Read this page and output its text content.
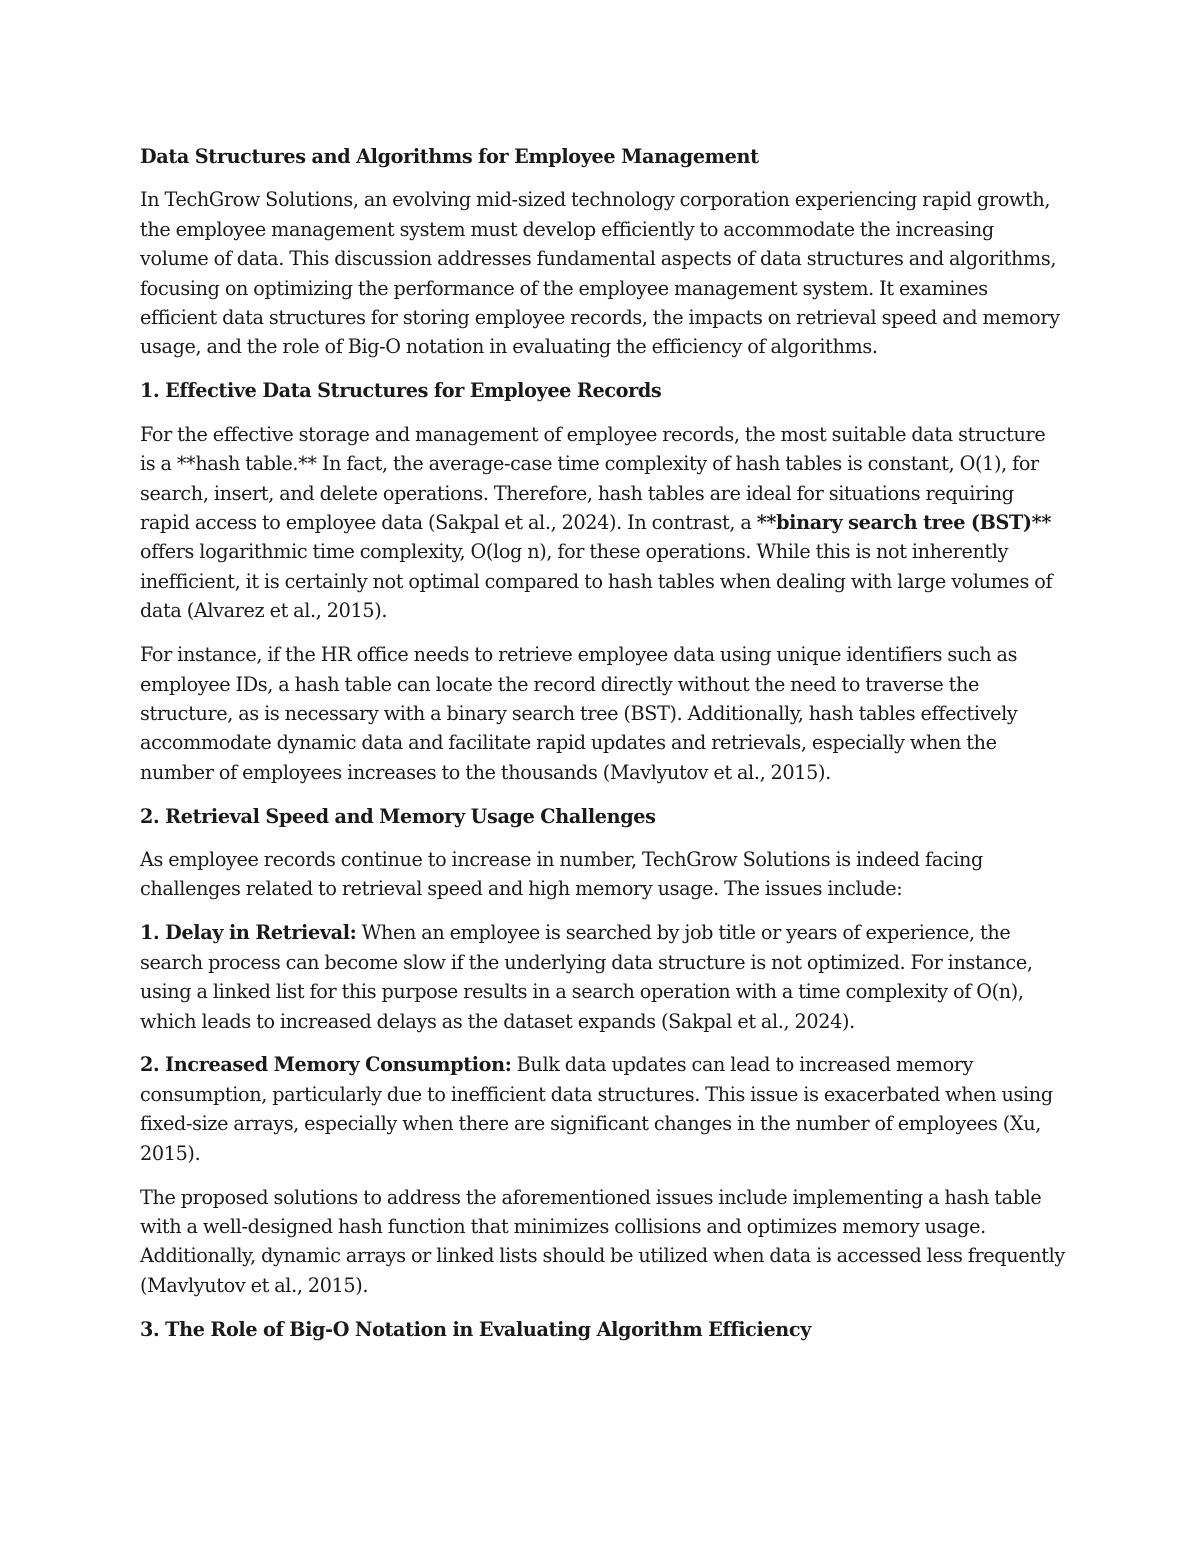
Data Structures and Algorithms for Employee Management

In TechGrow Solutions, an evolving mid-sized technology corporation experiencing rapid growth, the employee management system must develop efficiently to accommodate the increasing volume of data. This discussion addresses fundamental aspects of data structures and algorithms, focusing on optimizing the performance of the employee management system. It examines efficient data structures for storing employee records, the impacts on retrieval speed and memory usage, and the role of Big-O notation in evaluating the efficiency of algorithms.

1. Effective Data Structures for Employee Records

For the effective storage and management of employee records, the most suitable data structure is a **hash table.** In fact, the average-case time complexity of hash tables is constant, O(1), for search, insert, and delete operations. Therefore, hash tables are ideal for situations requiring rapid access to employee data (Sakpal et al., 2024). In contrast, a **binary search tree (BST)** offers logarithmic time complexity, O(log n), for these operations. While this is not inherently inefficient, it is certainly not optimal compared to hash tables when dealing with large volumes of data (Alvarez et al., 2015).

For instance, if the HR office needs to retrieve employee data using unique identifiers such as employee IDs, a hash table can locate the record directly without the need to traverse the structure, as is necessary with a binary search tree (BST). Additionally, hash tables effectively accommodate dynamic data and facilitate rapid updates and retrievals, especially when the number of employees increases to the thousands (Mavlyutov et al., 2015).

2. Retrieval Speed and Memory Usage Challenges

As employee records continue to increase in number, TechGrow Solutions is indeed facing challenges related to retrieval speed and high memory usage. The issues include:

1. Delay in Retrieval: When an employee is searched by job title or years of experience, the search process can become slow if the underlying data structure is not optimized. For instance, using a linked list for this purpose results in a search operation with a time complexity of O(n), which leads to increased delays as the dataset expands (Sakpal et al., 2024).

2. Increased Memory Consumption: Bulk data updates can lead to increased memory consumption, particularly due to inefficient data structures. This issue is exacerbated when using fixed-size arrays, especially when there are significant changes in the number of employees (Xu, 2015).

The proposed solutions to address the aforementioned issues include implementing a hash table with a well-designed hash function that minimizes collisions and optimizes memory usage. Additionally, dynamic arrays or linked lists should be utilized when data is accessed less frequently (Mavlyutov et al., 2015).

3. The Role of Big-O Notation in Evaluating Algorithm Efficiency
